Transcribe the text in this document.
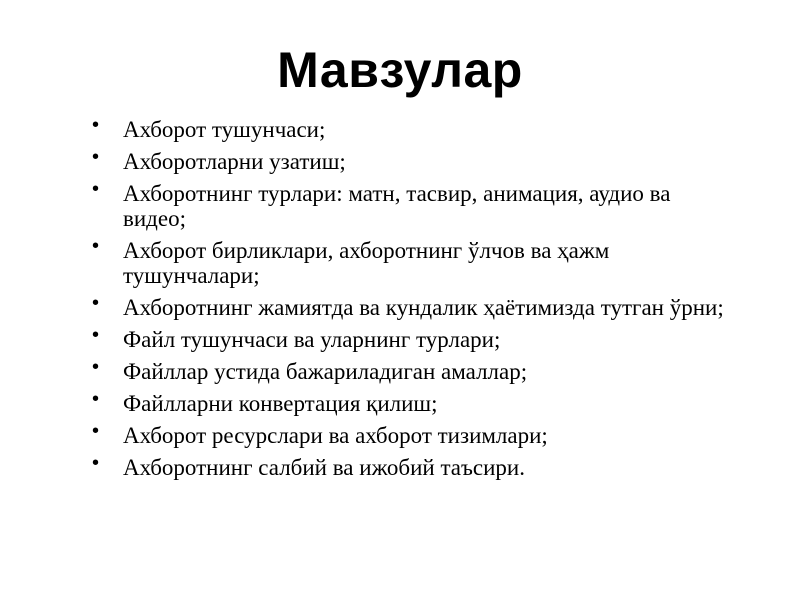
Мавзулар
• Ахборот тушунчаси;
• Ахборотларни узатиш;
• Ахборотнинг турлари: матн, тасвир, анимация, аудио ва видео;
• Ахборот бирликлари, ахборотнинг ўлчов ва ҳажм тушунчалари;
• Ахборотнинг жамиятда ва кундалик ҳаётимизда тутган ўрни;
• Файл тушунчаси ва уларнинг турлари;
• Файллар устида бажариладиган амаллар;
• Файлларни конвертация қилиш;
• Ахборот ресурслари ва ахборот тизимлари;
• Ахборотнинг салбий ва ижобий таъсири.
